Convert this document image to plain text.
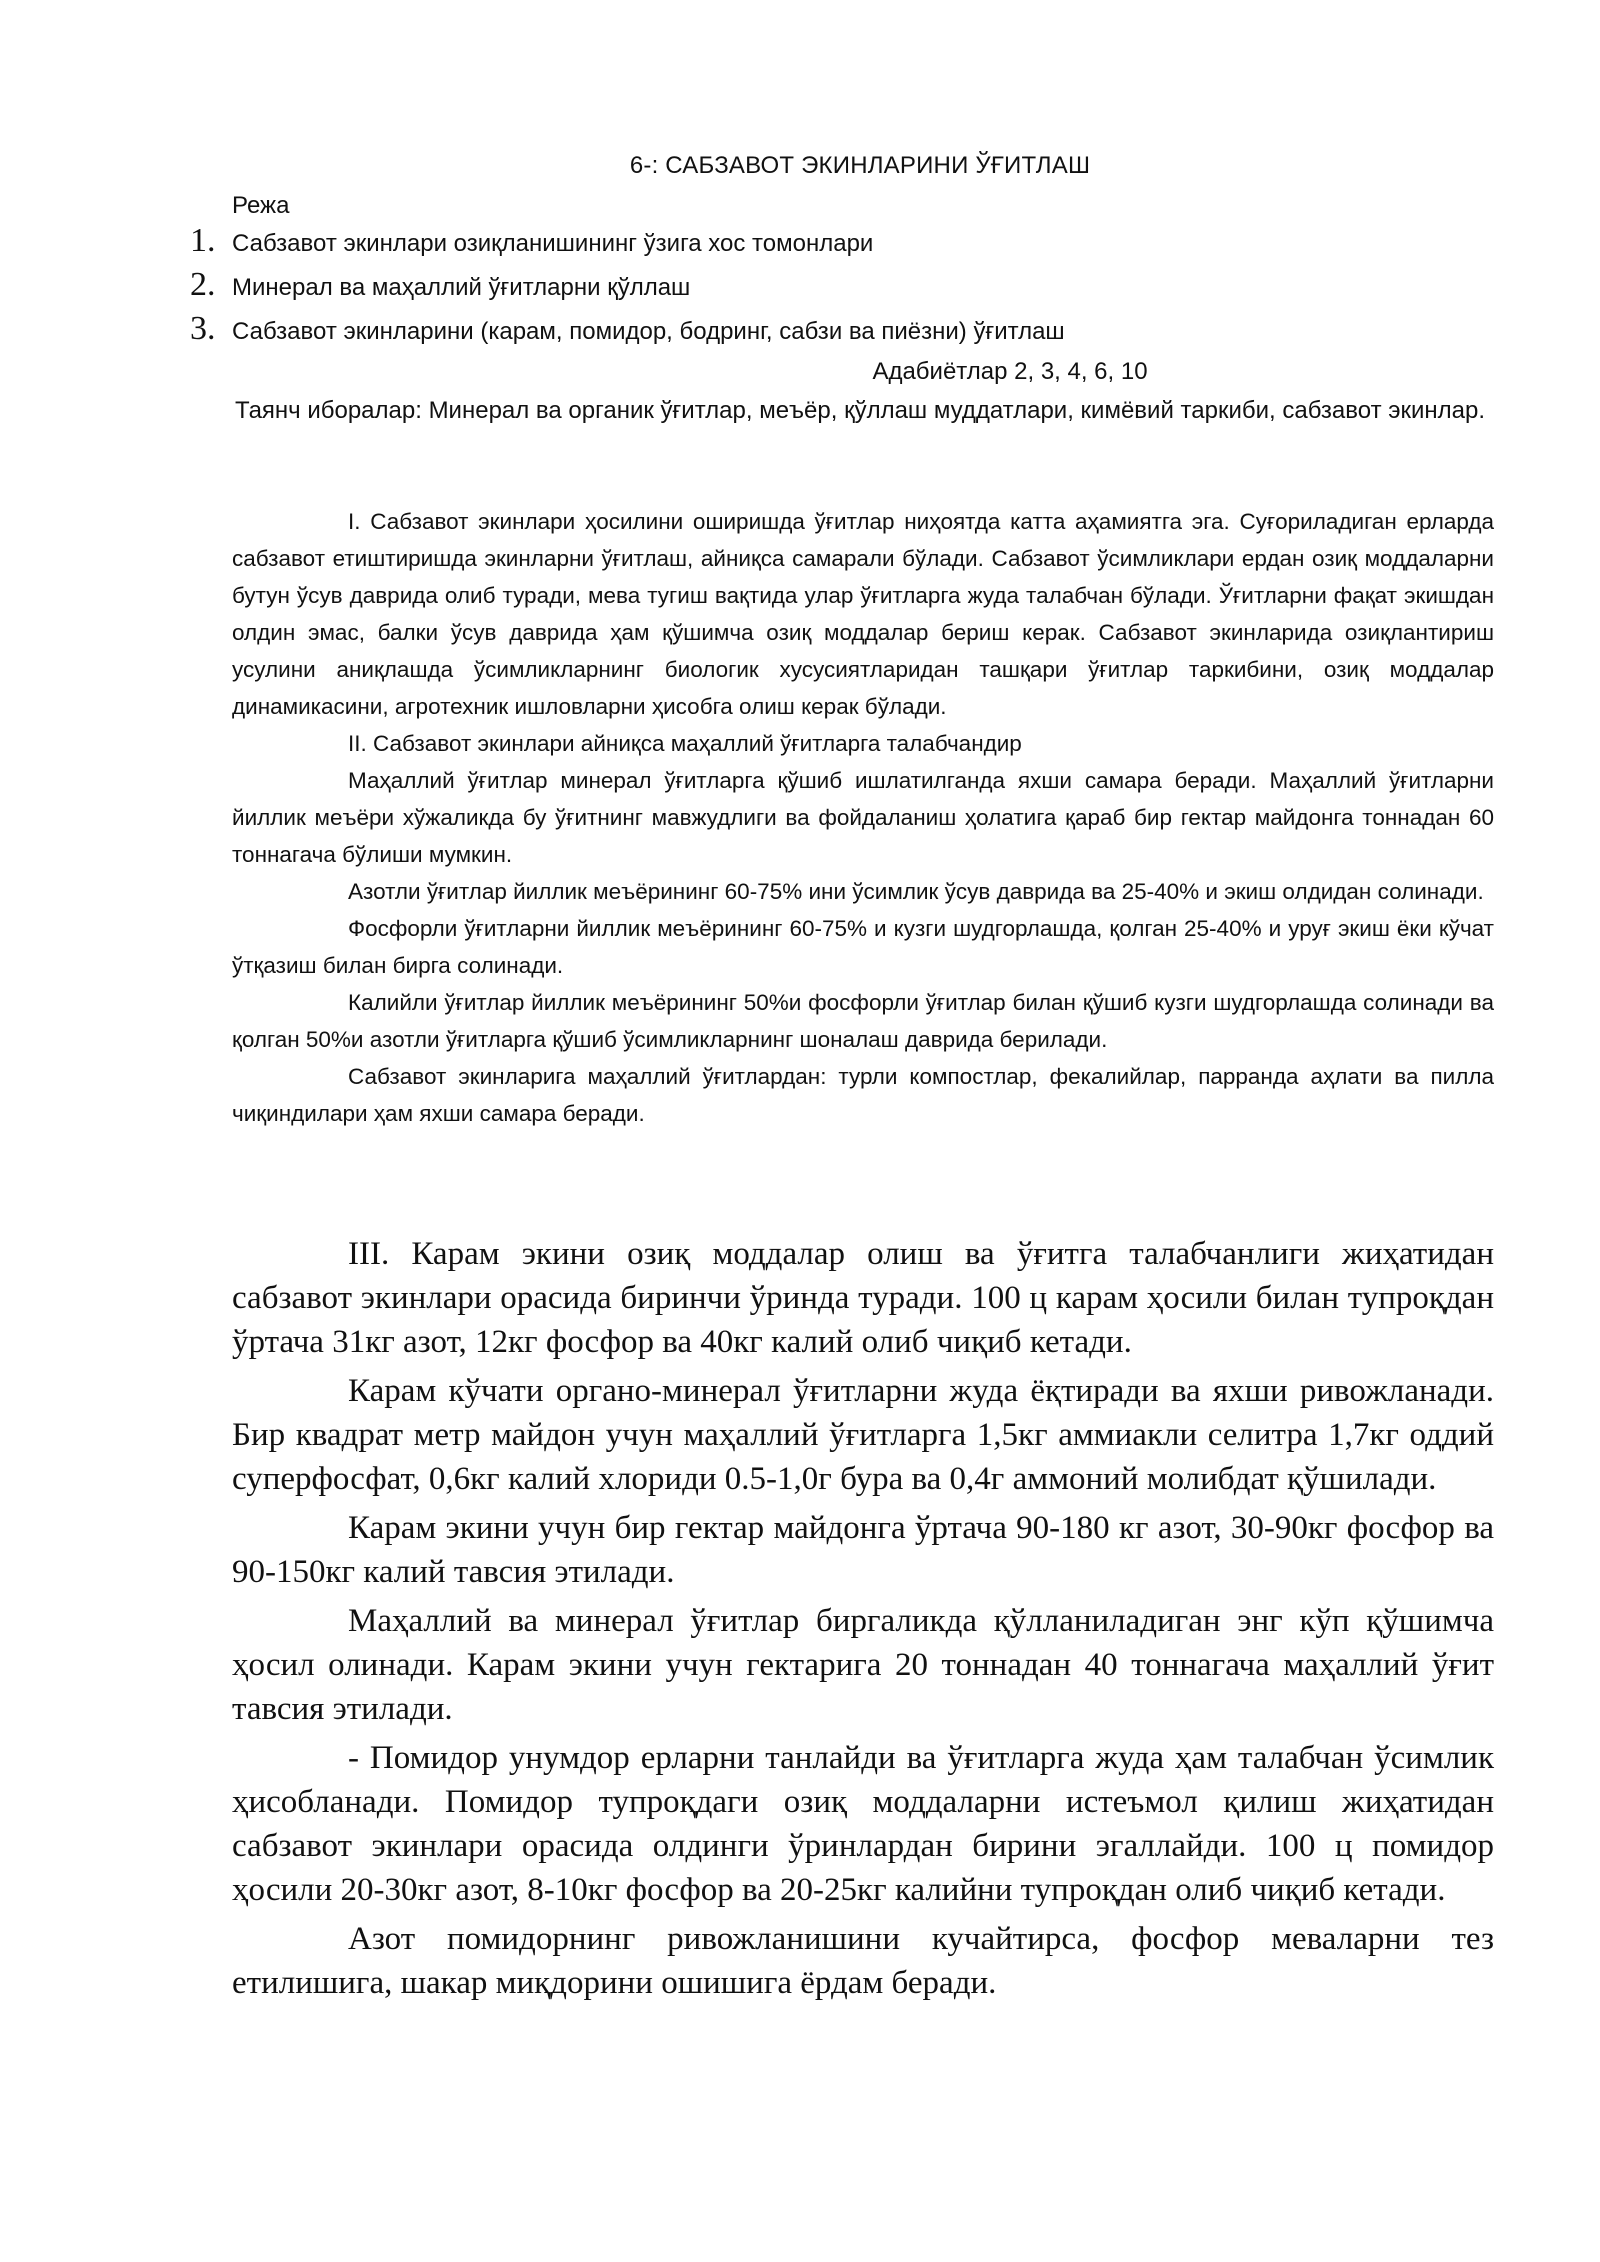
6-: САБЗАВОТ ЭКИНЛАРИНИ ЎҒИТЛАШ
Режа
1. Сабзавот экинлари озиқланишининг ўзига хос томонлари
2. Минерал ва маҳаллий ўғитларни қўллаш
3. Сабзавот экинларини (карам, помидор, бодринг, сабзи ва пиёзни) ўғитлаш
Адабиётлар 2, 3, 4, 6, 10
Таянч иборалар: Минерал ва органик ўғитлар, меъёр, қўллаш муддатлари, кимёвий таркиби, сабзавот экинлар.

I. Сабзавот экинлари ҳосилини оширишда ўғитлар ниҳоятда катта аҳамиятга эга. Суғориладиган ерларда сабзавот етиштиришда экинларни ўғитлаш, айниқса самарали бўлади. Сабзавот ўсимликлари ердан озиқ моддаларни бутун ўсув даврида олиб туради, мева тугиш вақтида улар ўғитларга жуда талабчан бўлади. Ўғитларни фақат экишдан олдин эмас, балки ўсув даврида ҳам қўшимча озиқ моддалар бериш керак. Сабзавот экинларида озиқлантириш усулини аниқлашда ўсимликларнинг биологик хусусиятларидан ташқари ўғитлар таркибини, озиқ моддалар динамикасини, агротехник ишловларни ҳисобга олиш керак бўлади.

II. Сабзавот экинлари айниқса маҳаллий ўғитларга талабчандир

Маҳаллий ўғитлар минерал ўғитларга қўшиб ишлатилганда яхши самара беради. Маҳаллий ўғитларни йиллик меъёри хўжаликда бу ўғитнинг мавжудлиги ва фойдаланиш ҳолатига қараб бир гектар майдонга тоннадан 60 тоннагача бўлиши мумкин.

Азотли ўғитлар йиллик меъёрининг 60-75% ини ўсимлик ўсув даврида ва 25-40% и экиш олдидан солинади.

Фосфорли ўғитларни йиллик меъёрининг 60-75% и кузги шудгорлашда, қолган 25-40% и уруғ экиш ёки кўчат ўтқазиш билан бирга солинади.

Калийли ўғитлар йиллик меъёрининг 50%и фосфорли ўғитлар билан қўшиб кузги шудгорлашда солинади ва қолган 50%и азотли ўғитларга қўшиб ўсимликларнинг шоналаш даврида берилади.

Сабзавот экинларига маҳаллий ўғитлардан: турли компостлар, фекалийлар, парранда аҳлати ва пилла чиқиндилари ҳам яхши самара беради.

III. Карам экини озиқ моддалар олиш ва ўғитга талабчанлиги жиҳатидан сабзавот экинлари орасида биринчи ўринда туради. 100 ц карам ҳосили билан тупроқдан ўртача 31кг азот, 12кг фосфор ва 40кг калий олиб чиқиб кетади.

Карам кўчати органо-минерал ўғитларни жуда ёқтиради ва яхши ривожланади. Бир квадрат метр майдон учун маҳаллий ўғитларга 1,5кг аммиакли селитра 1,7кг оддий суперфосфат, 0,6кг калий хлориди 0.5-1,0г бура ва 0,4г аммоний молибдат қўшилади.

Карам экини учун бир гектар майдонга ўртача 90-180 кг азот, 30-90кг фосфор ва 90-150кг калий тавсия этилади.

Маҳаллий ва минерал ўғитлар биргаликда қўлланиладиган энг кўп қўшимча ҳосил олинади. Карам экини учун гектарига 20 тоннадан 40 тоннагача маҳаллий ўғит тавсия этилади.

- Помидор унумдор ерларни танлайди ва ўғитларга жуда ҳам талабчан ўсимлик ҳисобланади. Помидор тупроқдаги озиқ моддаларни истеъмол қилиш жиҳатидан сабзавот экинлари орасида олдинги ўринлардан бирини эгаллайди. 100 ц помидор ҳосили 20-30кг азот, 8-10кг фосфор ва 20-25кг калийни тупроқдан олиб чиқиб кетади.

Азот помидорнинг ривожланишини кучайтирса, фосфор меваларни тез етилишига, шакар миқдорини ошишига ёрдам беради.
